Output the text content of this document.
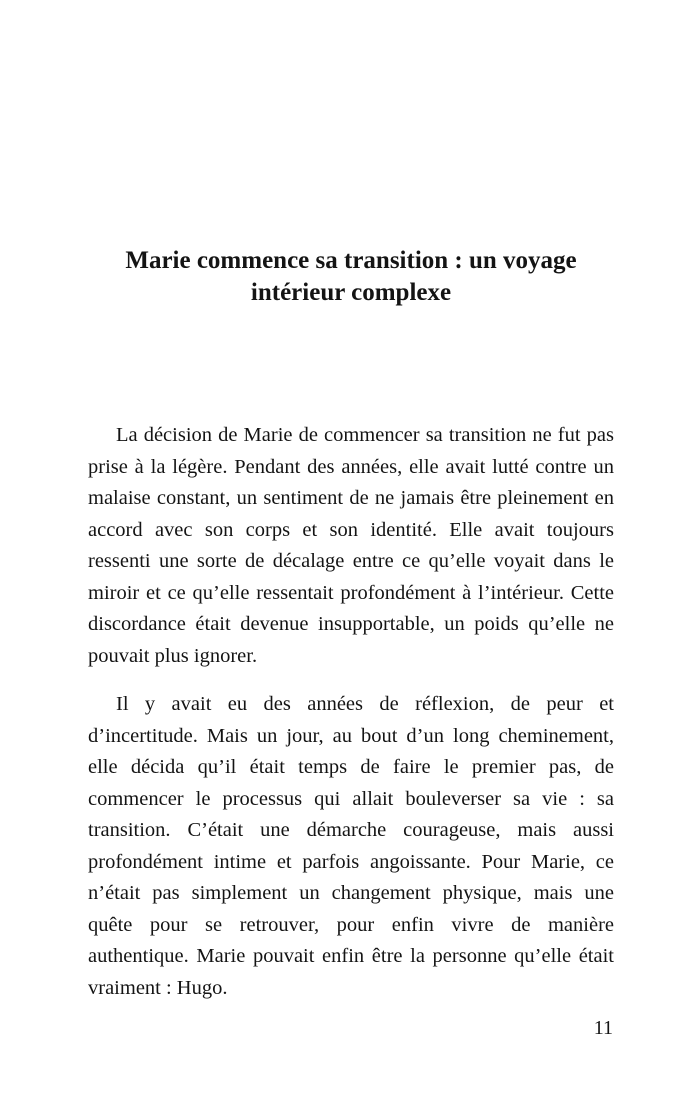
Marie commence sa transition : un voyage intérieur complexe

La décision de Marie de commencer sa transition ne fut pas prise à la légère. Pendant des années, elle avait lutté contre un malaise constant, un sentiment de ne jamais être pleinement en accord avec son corps et son identité. Elle avait toujours ressenti une sorte de décalage entre ce qu’elle voyait dans le miroir et ce qu’elle ressentait profondément à l’intérieur. Cette discordance était devenue insupportable, un poids qu’elle ne pouvait plus ignorer.

Il y avait eu des années de réflexion, de peur et d’incertitude. Mais un jour, au bout d’un long cheminement, elle décida qu’il était temps de faire le premier pas, de commencer le processus qui allait bouleverser sa vie : sa transition. C’était une démarche courageuse, mais aussi profondément intime et parfois angoissante. Pour Marie, ce n’était pas simplement un changement physique, mais une quête pour se retrouver, pour enfin vivre de manière authentique. Marie pouvait enfin être la personne qu’elle était vraiment : Hugo.

11
